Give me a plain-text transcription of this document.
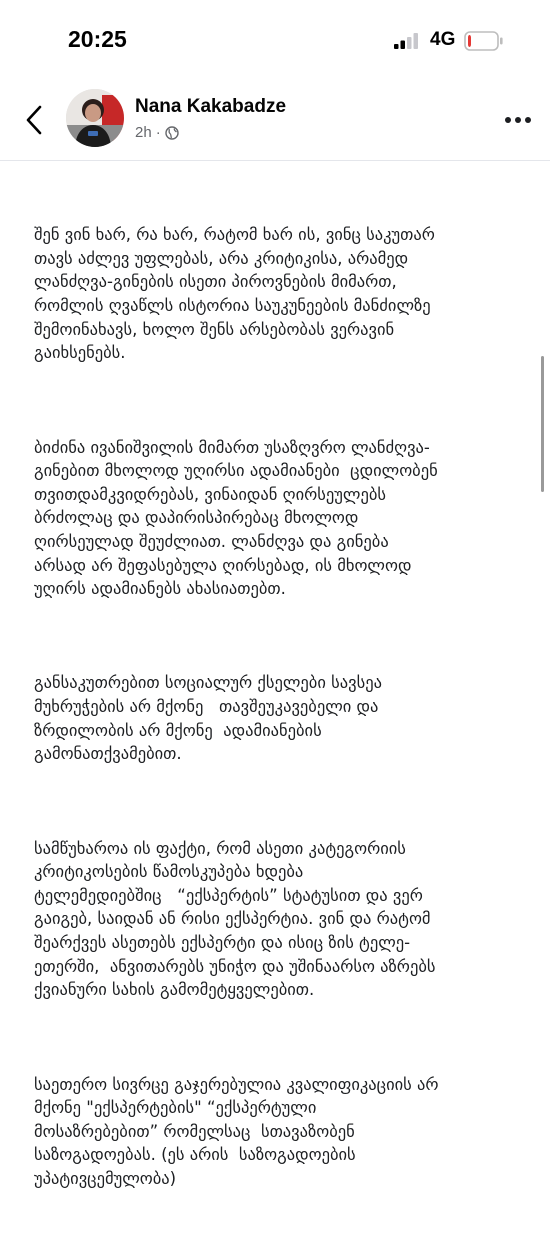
20:25	4G
Nana Kakabadze
2h ·

შენ ვინ ხარ, რა ხარ, რატომ ხარ ის, ვინც საკუთარ
თავს აძლევ უფლებას, არა კრიტიკისა, არამედ
ლანძღვა-გინების ისეთი პიროვნების მიმართ,
რომლის ღვაწლს ისტორია საუკუნეების მანძილზე
შემოინახავს, ხოლო შენს არსებობას ვერავინ
გაიხსენებს.

ბიძინა ივანიშვილის მიმართ უსაზღვრო ლანძღვა-
გინებით მხოლოდ უღირსი ადამიანები  ცდილობენ
თვითდამკვიდრებას, ვინაიდან ღირსეულებს
ბრძოლაც და დაპირისპირებაც მხოლოდ
ღირსეულად შეუძლიათ. ლანძღვა და გინება
არსად არ შეფასებულა ღირსებად, ის მხოლოდ
უღირს ადამიანებს ახასიათებთ.

განსაკუთრებით სოციალურ ქსელები სავსეა
მუხრუჭების არ მქონე   თავშეუკავებელი და
ზრდილობის არ მქონე  ადამიანების
გამონათქვამებით.

სამწუხაროა ის ფაქტი, რომ ასეთი კატეგორიის
კრიტიკოსების წამოსკუპება ხდება
ტელემედიებშიც   “ექსპერტის” სტატუსით და ვერ
გაიგებ, საიდან ან რისი ექსპერტია. ვინ და რატომ
შეარქვეს ასეთებს ექსპერტი და ისიც ზის ტელე-
ეთერში,  ანვითარებს უნიჭო და უშინაარსო აზრებს
ქვიანური სახის გამომეტყველებით.

საეთერო სივრცე გაჯერებულია კვალიფიკაციის არ
მქონე "ექსპერტების" “ექსპერტული
მოსაზრებებით” რომელსაც  სთავაზობენ
საზოგადოებას. (ეს არის  საზოგადოების
უპატივცემულობა)
